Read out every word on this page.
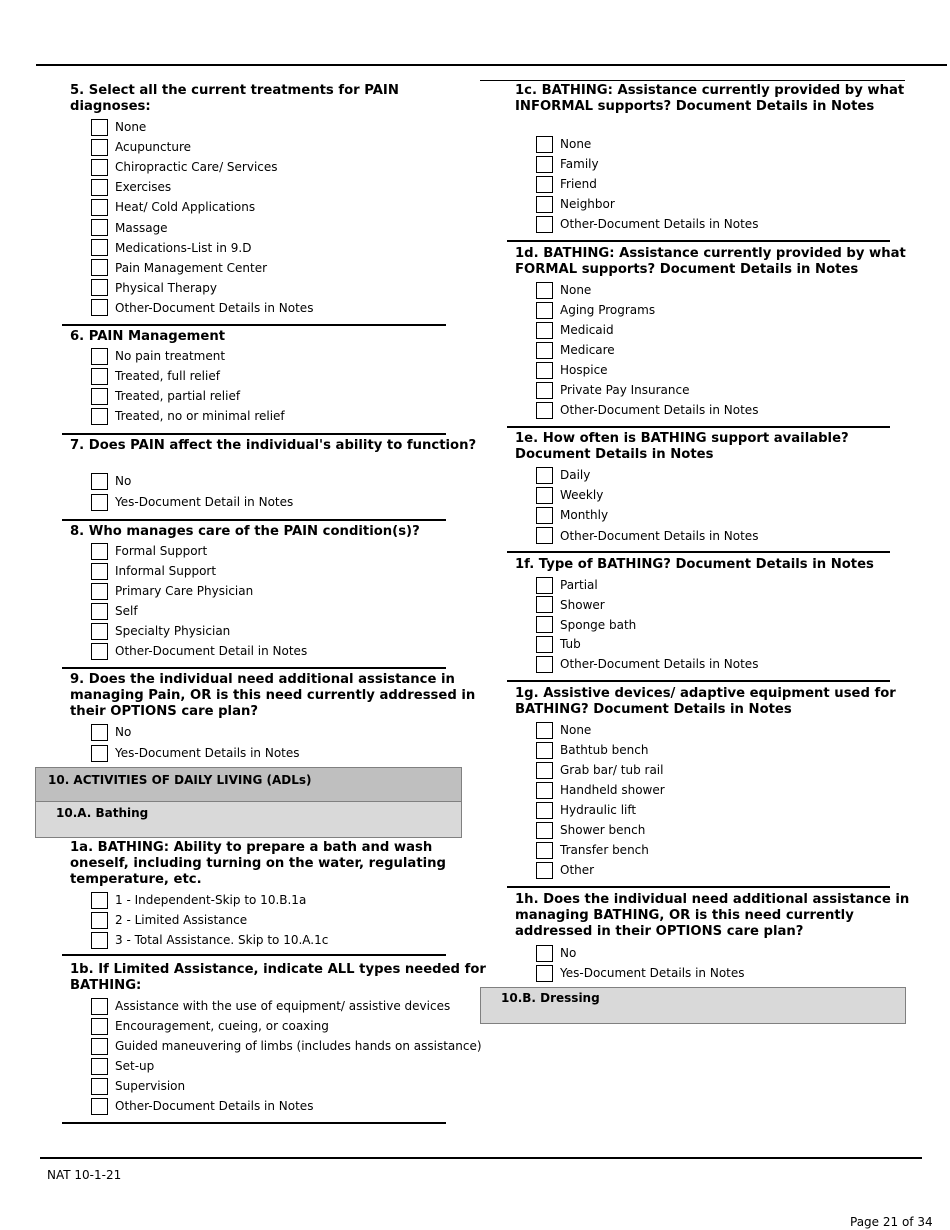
5. Select all the current treatments for PAIN
diagnoses:
None
Acupuncture
Chiropractic Care/ Services
Exercises
Heat/ Cold Applications
Massage
Medications-List in 9.D
Pain Management Center
Physical Therapy
Other-Document Details in Notes
6. PAIN Management
No pain treatment
Treated, full relief
Treated, partial relief
Treated, no or minimal relief
7. Does PAIN affect the individual's ability to function?
No
Yes-Document Detail in Notes
8. Who manages care of the PAIN condition(s)?
Formal Support
Informal Support
Primary Care Physician
Self
Specialty Physician
Other-Document Detail in Notes
9. Does the individual need additional assistance in
managing Pain, OR is this need currently addressed in
their OPTIONS care plan?
No
Yes-Document Details in Notes
10. ACTIVITIES OF DAILY LIVING (ADLs)
10.A. Bathing
1a. BATHING: Ability to prepare a bath and wash
oneself, including turning on the water, regulating
temperature, etc.
1 - Independent-Skip to 10.B.1a
2 - Limited Assistance
3 - Total Assistance. Skip to 10.A.1c
1b. If Limited Assistance, indicate ALL types needed for
BATHING:
Assistance with the use of equipment/ assistive devices
Encouragement, cueing, or coaxing
Guided maneuvering of limbs (includes hands on assistance)
Set-up
Supervision
Other-Document Details in Notes
1c. BATHING: Assistance currently provided by what
INFORMAL supports? Document Details in Notes
None
Family
Friend
Neighbor
Other-Document Details in Notes
1d. BATHING: Assistance currently provided by what
FORMAL supports? Document Details in Notes
None
Aging Programs
Medicaid
Medicare
Hospice
Private Pay Insurance
Other-Document Details in Notes
1e. How often is BATHING support available?
Document Details in Notes
Daily
Weekly
Monthly
Other-Document Details in Notes
1f. Type of BATHING? Document Details in Notes
Partial
Shower
Sponge bath
Tub
Other-Document Details in Notes
1g. Assistive devices/ adaptive equipment used for
BATHING? Document Details in Notes
None
Bathtub bench
Grab bar/ tub rail
Handheld shower
Hydraulic lift
Shower bench
Transfer bench
Other
1h. Does the individual need additional assistance in
managing BATHING, OR is this need currently
addressed in their OPTIONS care plan?
No
Yes-Document Details in Notes
10.B. Dressing
NAT 10-1-21
Page 21 of 34
